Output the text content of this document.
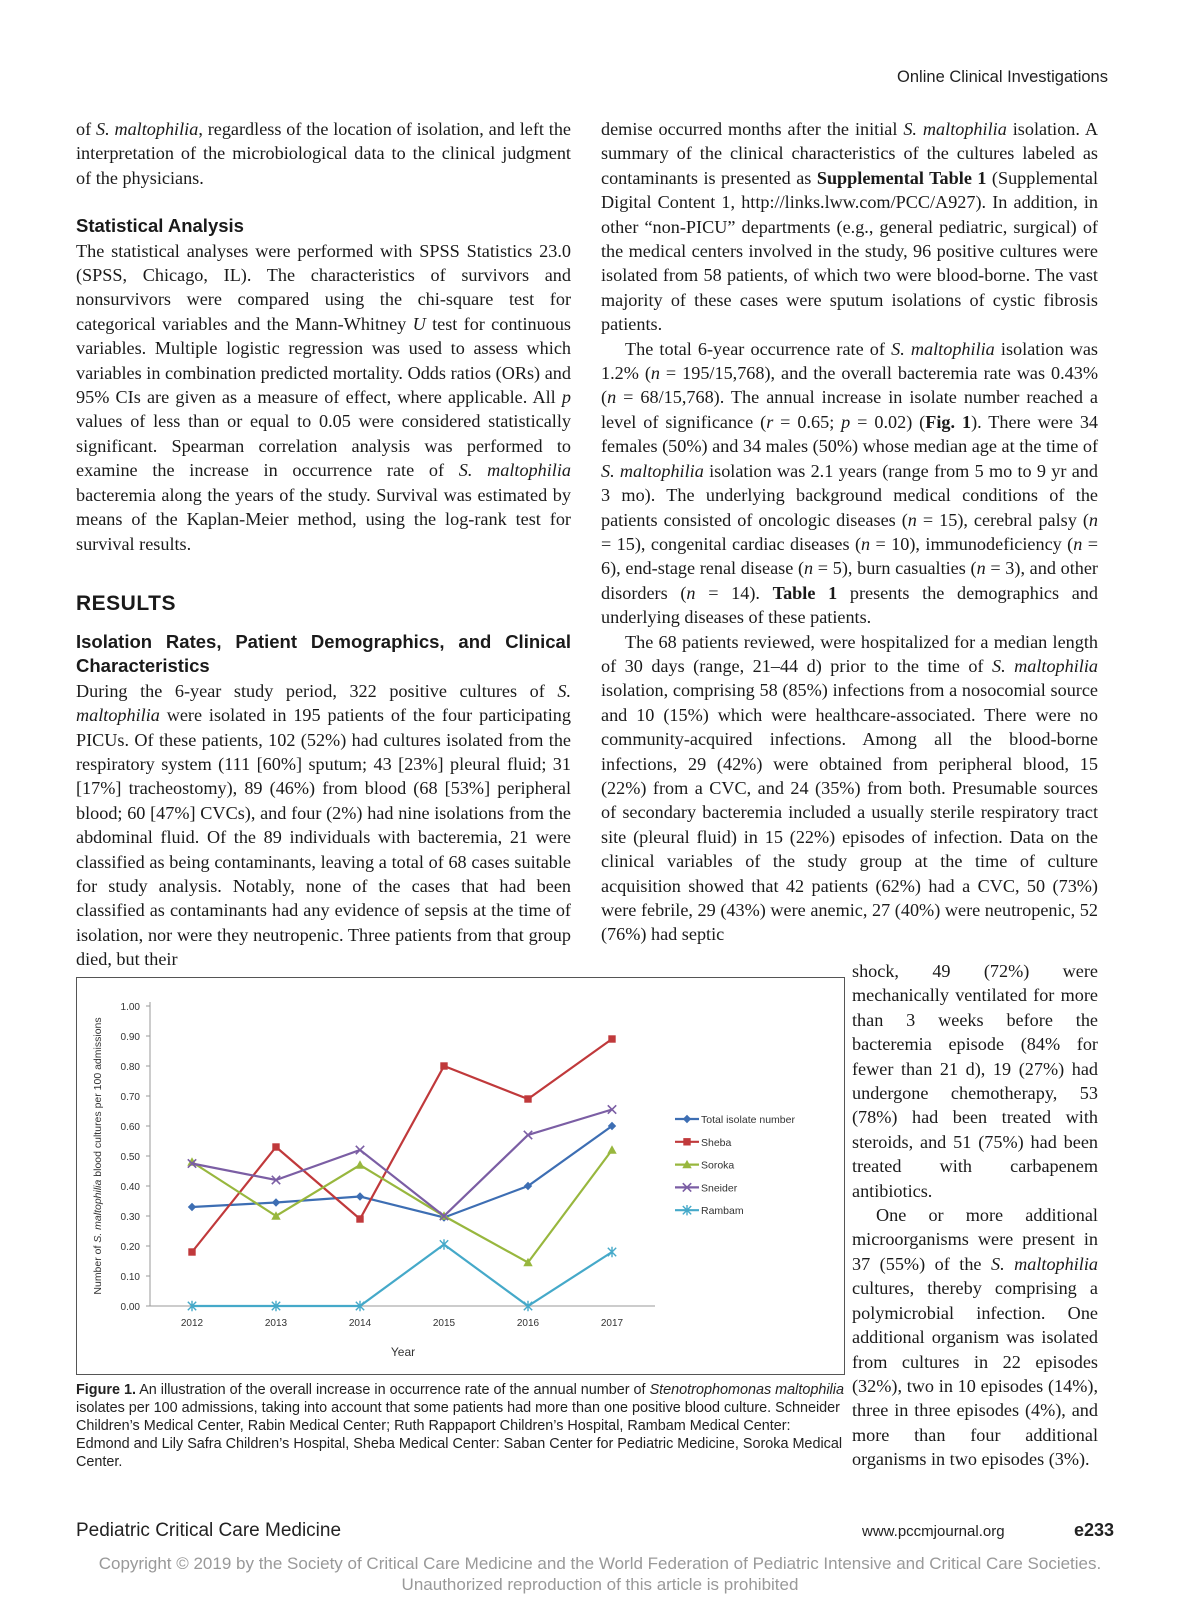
Online Clinical Investigations

of S. maltophilia, regardless of the location of isolation, and left the interpretation of the microbiological data to the clinical judgment of the physicians.

Statistical Analysis

The statistical analyses were performed with SPSS Statistics 23.0 (SPSS, Chicago, IL). The characteristics of survivors and nonsurvivors were compared using the chi-square test for categorical variables and the Mann-Whitney U test for continuous variables. Multiple logistic regression was used to assess which variables in combination predicted mortality. Odds ratios (ORs) and 95% CIs are given as a measure of effect, where applicable. All p values of less than or equal to 0.05 were considered statistically significant. Spearman correlation analysis was performed to examine the increase in occurrence rate of S. maltophilia bacteremia along the years of the study. Survival was estimated by means of the Kaplan-Meier method, using the log-rank test for survival results.

RESULTS
Isolation Rates, Patient Demographics, and Clinical Characteristics

During the 6-year study period, 322 positive cultures of S. maltophilia were isolated in 195 patients of the four participating PICUs. Of these patients, 102 (52%) had cultures isolated from the respiratory system (111 [60%] sputum; 43 [23%] pleural fluid; 31 [17%] tracheostomy), 89 (46%) from blood (68 [53%] peripheral blood; 60 [47%] CVCs), and four (2%) had nine isolations from the abdominal fluid. Of the 89 individuals with bacteremia, 21 were classified as being contaminants, leaving a total of 68 cases suitable for study analysis. Notably, none of the cases that had been classified as contaminants had any evidence of sepsis at the time of isolation, nor were they neutropenic. Three patients from that group died, but their

demise occurred months after the initial S. maltophilia isolation. A summary of the clinical characteristics of the cultures labeled as contaminants is presented as Supplemental Table 1 (Supplemental Digital Content 1, http://links.lww.com/PCC/A927). In addition, in other “non-PICU” departments (e.g., general pediatric, surgical) of the medical centers involved in the study, 96 positive cultures were isolated from 58 patients, of which two were blood-borne. The vast majority of these cases were sputum isolations of cystic fibrosis patients.

The total 6-year occurrence rate of S. maltophilia isolation was 1.2% (n = 195/15,768), and the overall bacteremia rate was 0.43% (n = 68/15,768). The annual increase in isolate number reached a level of significance (r = 0.65; p = 0.02) (Fig. 1). There were 34 females (50%) and 34 males (50%) whose median age at the time of S. maltophilia isolation was 2.1 years (range from 5 mo to 9 yr and 3 mo). The underlying background medical conditions of the patients consisted of oncologic diseases (n = 15), cerebral palsy (n = 15), congenital cardiac diseases (n = 10), immunodeficiency (n = 6), end-stage renal disease (n = 5), burn casualties (n = 3), and other disorders (n = 14). Table 1 presents the demographics and underlying diseases of these patients.

The 68 patients reviewed, were hospitalized for a median length of 30 days (range, 21–44 d) prior to the time of S. maltophilia isolation, comprising 58 (85%) infections from a nosocomial source and 10 (15%) which were healthcare-associated. There were no community-acquired infections. Among all the blood-borne infections, 29 (42%) were obtained from peripheral blood, 15 (22%) from a CVC, and 24 (35%) from both. Presumable sources of secondary bacteremia included a usually sterile respiratory tract site (pleural fluid) in 15 (22%) episodes of infection. Data on the clinical variables of the study group at the time of culture acquisition showed that 42 patients (62%) had a CVC, 50 (73%) were febrile, 29 (43%) were anemic, 27 (40%) were neutropenic, 52 (76%) had septic

shock, 49 (72%) were mechanically ventilated for more than 3 weeks before the bacteremia episode (84% for fewer than 21 d), 19 (27%) had undergone chemotherapy, 53 (78%) had been treated with steroids, and 51 (75%) had been treated with carbapenem antibiotics.

One or more additional microorganisms were present in 37 (55%) of the S. maltophilia cultures, thereby comprising a polymicrobial infection. One additional organism was isolated from cultures in 22 episodes (32%), two in 10 episodes (14%), three in three episodes (4%), and more than four additional organisms in two episodes (3%).

0.00
0.10
0.20
0.30
0.40
0.50
0.60
0.70
0.80
0.90
1.00
2012	2013	2014	2015	2016	2017
Year
Number of S. maltophilia blood cultures per 100 admissions	Total isolate number
Sheba
Soroka
Sneider
Rambam
Figure 1. An illustration of the overall increase in occurrence rate of the annual number of Stenotrophomonas maltophilia isolates per 100 admissions, taking into account that some patients had more than one positive blood culture. Schneider Children’s Medical Center, Rabin Medical Center; Ruth Rappaport Children’s Hospital, Rambam Medical Center: Edmond and Lily Safra Children’s Hospital, Sheba Medical Center: Saban Center for Pediatric Medicine, Soroka Medical Center.
Pediatric Critical Care Medicine	www.pccmjournal.org	e233
Copyright © 2019 by the Society of Critical Care Medicine and the World Federation of Pediatric Intensive and Critical Care Societies.
Unauthorized reproduction of this article is prohibited
